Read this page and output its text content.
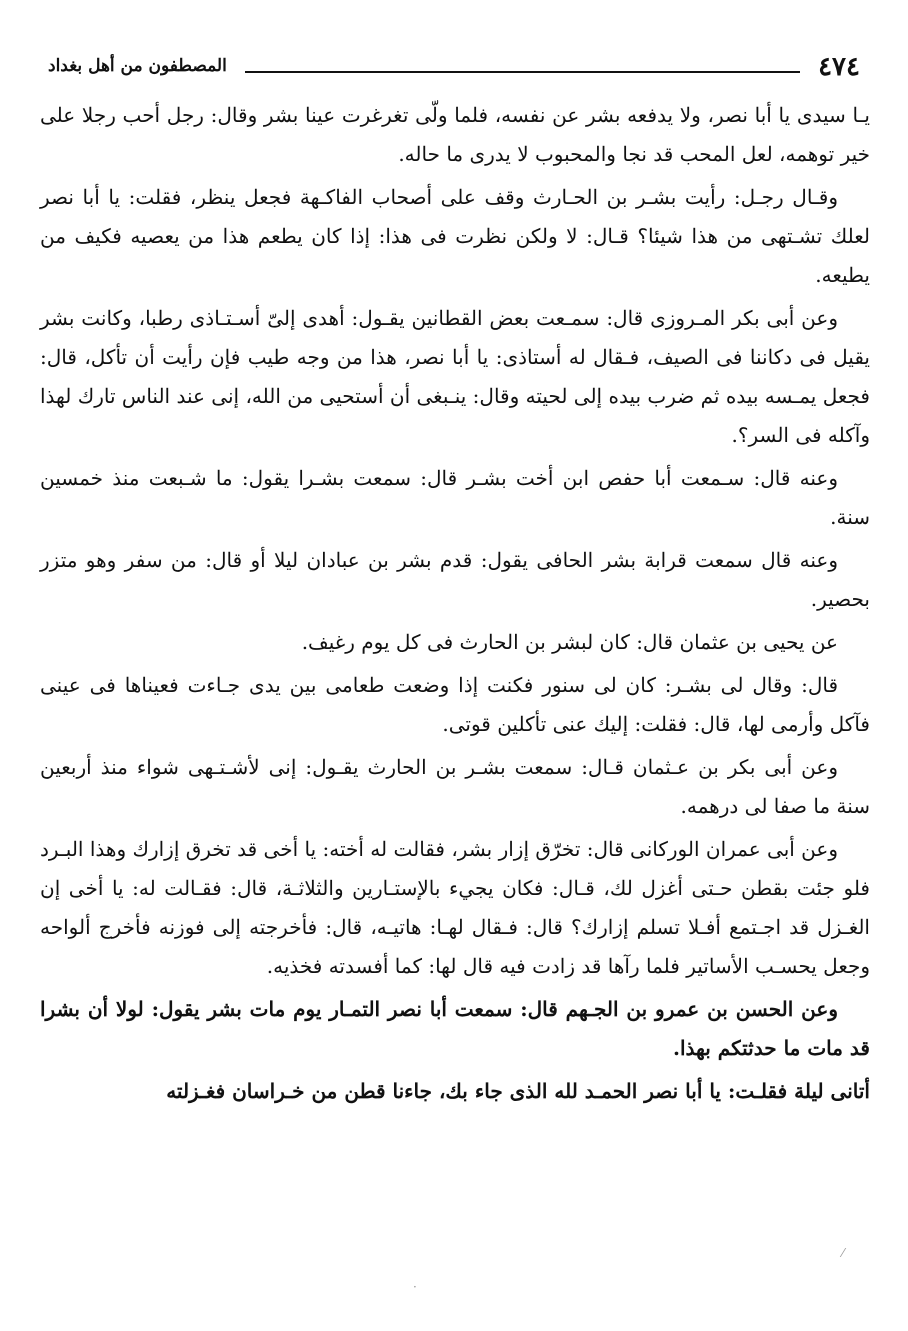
٤٧٤
المصطفون من أهل بغداد

يـا سيدى يا أبا نصر، ولا يدفعه بشر عن نفسه، فلما ولّى تغرغرت عينا بشر وقال: رجل أحب رجلا على خير توهمه، لعل المحب قد نجا والمحبوب لا يدرى ما حاله.

وقـال رجـل: رأيت بشـر بن الحـارث وقف على أصحاب الفاكـهة فجعل ينظر، فقلت: يا أبا نصر لعلك تشـتهى من هذا شيئا؟ قـال: لا ولكن نظرت فى هذا: إذا كان يطعم هذا من يعصيه فكيف من يطيعه.

وعن أبى بكر المـروزى قال: سمـعت بعض القطانين يقـول: أهدى إلىّ أسـتـاذى رطبا، وكانت بشر يقيل فى دكاننا فى الصيف، فـقال له أستاذى: يا أبا نصر، هذا من وجه طيب فإن رأيت أن تأكل، قال: فجعل يمـسه بيده ثم ضرب بيده إلى لحيته وقال: ينـبغى أن أستحيى من الله، إنى عند الناس تارك لهذا وآكله فى السر؟.

وعنه قال: سـمعت أبا حفص ابن أخت بشـر قال: سمعت بشـرا يقول: ما شـبعت منذ خمسين سنة.

وعنه قال سمعت قرابة بشر الحافى يقول: قدم بشر بن عبادان ليلا أو قال: من سفر وهو متزر بحصير.

عن يحيى بن عثمان قال: كان لبشر بن الحارث فى كل يوم رغيف.

قال: وقال لى بشـر: كان لى سنور فكنت إذا وضعت طعامى بين يدى جـاءت فعيناها فى عينى فآكل وأرمى لها، قال: فقلت: إليك عنى تأكلين قوتى.

وعن أبى بكر بن عـثمان قـال: سمعت بشـر بن الحارث يقـول: إنى لأشـتـهى شواء منذ أربعين سنة ما صفا لى درهمه.

وعن أبى عمران الوركانى قال: تخرّق إزار بشر، فقالت له أخته: يا أخى قد تخرق إزارك وهذا البـرد فلو جئت بقطن حـتى أغزل لك، قـال: فكان يجيء بالإستـارين والثلاثـة، قال: فقـالت له: يا أخى إن الغـزل قد اجـتمع أفـلا تسلم إزارك؟ قال: فـقال لهـا: هاتيـه، قال: فأخرجته إلى فوزنه فأخرج ألواحه وجعل يحسـب الأساتير فلما رآها قد زادت فيه قال لها: كما أفسدته فخذيه.

وعن الحسن بن عمرو بن الجـهم قال: سمعت أبا نصر التمـار يوم مات بشر يقول: لولا أن بشرا قد مات ما حدثتكم بهذا.

أتانى ليلة فقلـت: يا أبا نصر الحمـد لله الذى جاء بك، جاءنا قطن من خـراسان فغـزلته

⁄
·
